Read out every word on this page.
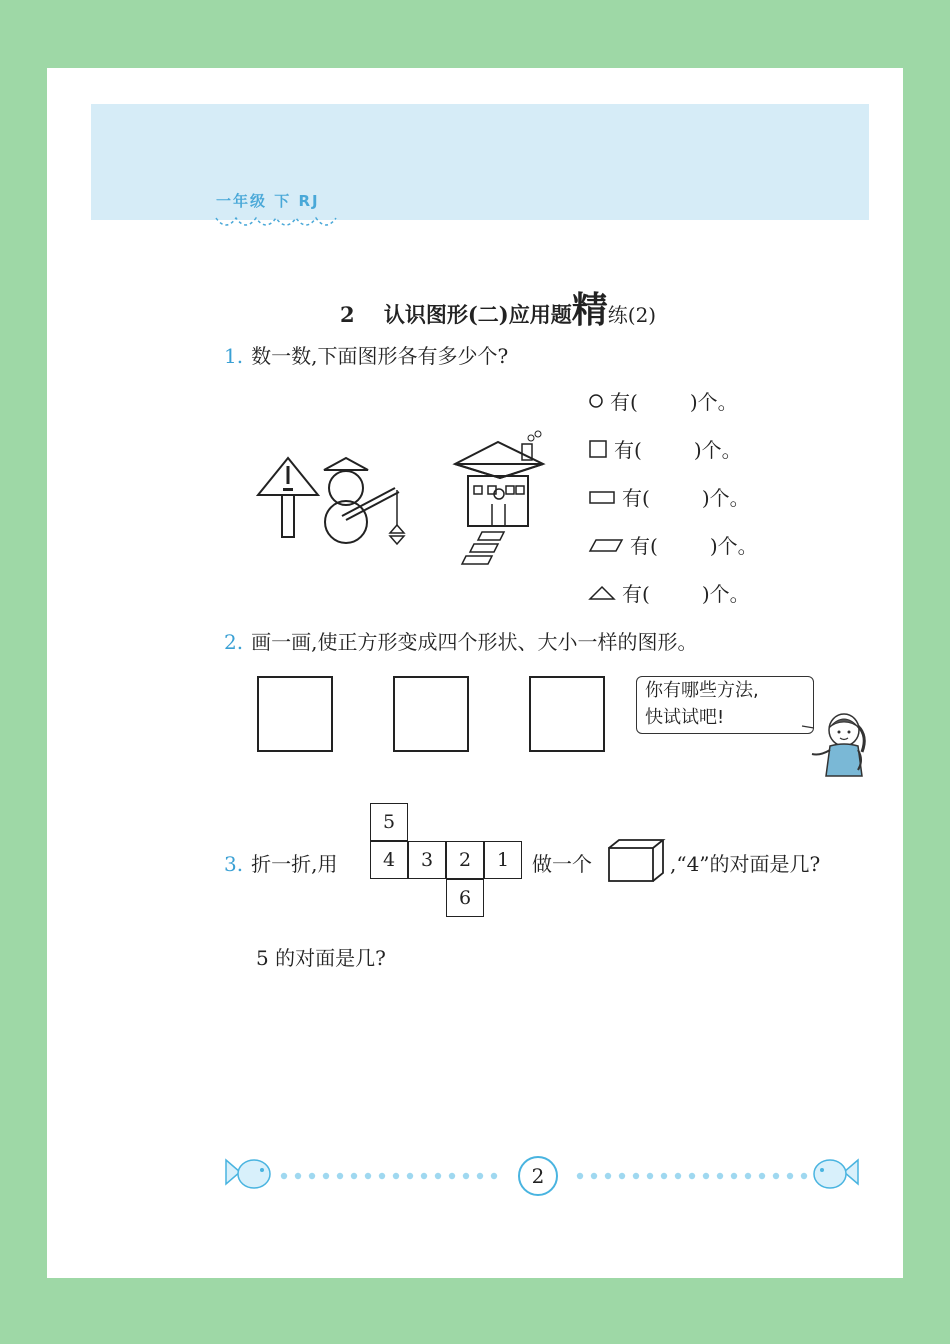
一年级 下 RJ
2 认识图形(二)应用题精练(2)
1. 数一数,下面图形各有多少个?
有(	)个。
有(	)个。
有(	)个。
有(	)个。
有(	)个。
2. 画一画,使正方形变成四个形状、大小一样的图形。
你有哪些方法,
快试试吧!
3. 折一折,用
5
4	3	2	1
6
做一个	,“4”的对面是几?
5 的对面是几?
2
